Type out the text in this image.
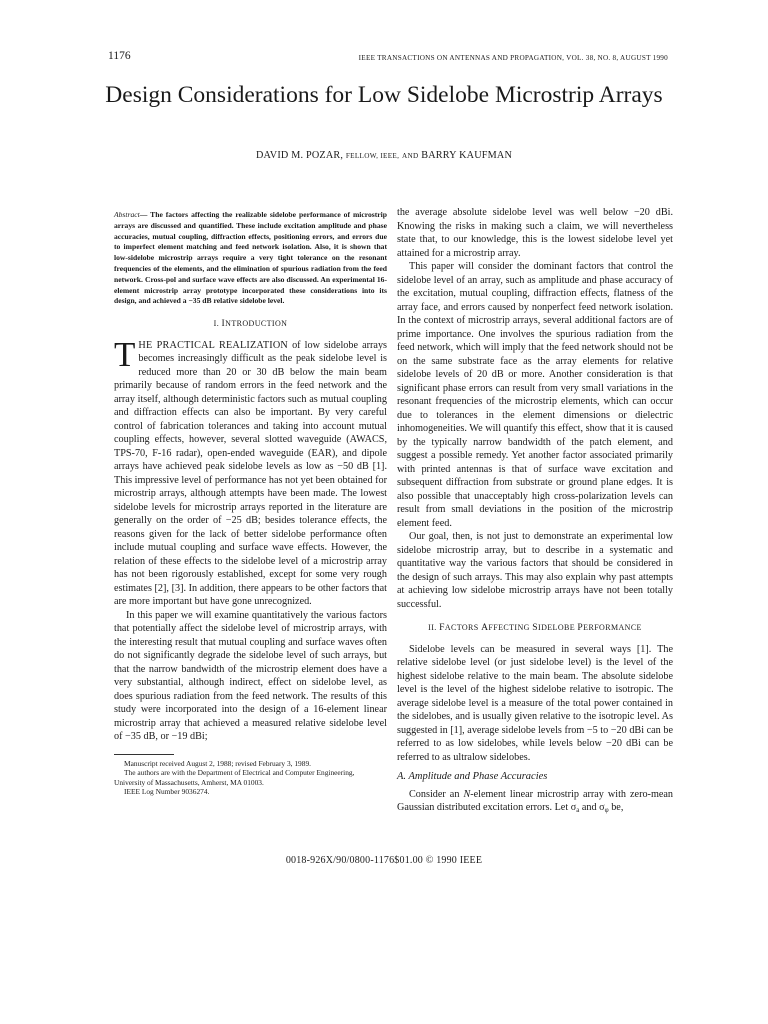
1176	IEEE TRANSACTIONS ON ANTENNAS AND PROPAGATION, VOL. 38, NO. 8, AUGUST 1990
Design Considerations for Low Sidelobe Microstrip Arrays
DAVID M. POZAR, FELLOW, IEEE, AND BARRY KAUFMAN
Abstract— The factors affecting the realizable sidelobe performance of microstrip arrays are discussed and quantified. These include excitation amplitude and phase accuracies, mutual coupling, diffraction effects, positioning errors, and errors due to imperfect element matching and feed network isolation. Also, it is shown that low-sidelobe microstrip arrays require a very tight tolerance on the resonant frequencies of the elements, and the elimination of spurious radiation from the feed network. Cross-pol and surface wave effects are also discussed. An experimental 16-element microstrip array prototype incorporated these considerations into its design, and achieved a −35 dB relative sidelobe level.
I. INTRODUCTION

THE PRACTICAL REALIZATION of low sidelobe arrays becomes increasingly difficult as the peak sidelobe level is reduced more than 20 or 30 dB below the main beam primarily because of random errors in the feed network and the array itself, although deterministic factors such as mutual coupling and diffraction effects can also be important. By very careful control of fabrication tolerances and taking into account mutual coupling effects, however, several slotted waveguide (AWACS, TPS-70, F-16 radar), open-ended waveguide (EAR), and dipole arrays have achieved peak sidelobe levels as low as −50 dB [1]. This impressive level of performance has not yet been obtained for microstrip arrays, although attempts have been made. The lowest sidelobe levels for microstrip arrays reported in the literature are generally on the order of −25 dB; besides tolerance effects, the reasons given for the lack of better sidelobe performance often include mutual coupling and surface wave effects. However, the relation of these effects to the sidelobe level of a microstrip array has not been rigorously established, except for some very rough estimates [2], [3]. In addition, there appears to be other factors that are more important but have gone unrecognized.

In this paper we will examine quantitatively the various factors that potentially affect the sidelobe level of microstrip arrays, with the interesting result that mutual coupling and surface waves often do not significantly degrade the sidelobe level of such arrays, but that the narrow bandwidth of the microstrip element does have a very substantial, although indirect, effect on sidelobe level, as does spurious radiation from the feed network. The results of this study were incorporated into the design of a 16-element linear microstrip array that achieved a measured relative sidelobe level of −35 dB, or −19 dBi;

Manuscript received August 2, 1988; revised February 3, 1989.
The authors are with the Department of Electrical and Computer Engineering, University of Massachusetts, Amherst, MA 01003.
IEEE Log Number 9036274.

the average absolute sidelobe level was well below −20 dBi. Knowing the risks in making such a claim, we will nevertheless state that, to our knowledge, this is the lowest sidelobe level yet attained for a microstrip array.

This paper will consider the dominant factors that control the sidelobe level of an array, such as amplitude and phase accuracy of the excitation, mutual coupling, diffraction effects, flatness of the array face, and errors caused by nonperfect feed network isolation. In the context of microstrip arrays, several additional factors are of prime importance. One involves the spurious radiation from the feed network, which will imply that the feed network should not be on the same substrate face as the array elements for relative sidelobe levels of 20 dB or more. Another consideration is that significant phase errors can result from very small variations in the resonant frequencies of the microstrip elements, which can occur due to tolerances in the element dimensions or dielectric inhomogeneities. We will quantify this effect, show that it is caused by the typically narrow bandwidth of the patch element, and suggest a possible remedy. Yet another factor associated primarily with printed antennas is that of surface wave excitation and subsequent diffraction from substrate or ground plane edges. It is also possible that unacceptably high cross-polarization levels can result from small deviations in the position of the microstrip element feed.

Our goal, then, is not just to demonstrate an experimental low sidelobe microstrip array, but to describe in a systematic and quantitative way the various factors that should be considered in the design of such arrays. This may also explain why past attempts at achieving low sidelobe microstrip arrays have not been totally successful.

II. FACTORS AFFECTING SIDELOBE PERFORMANCE

Sidelobe levels can be measured in several ways [1]. The relative sidelobe level (or just sidelobe level) is the level of the highest sidelobe relative to the main beam. The absolute sidelobe level is the level of the highest sidelobe relative to isotropic. The average sidelobe level is a measure of the total power contained in the sidelobes, and is usually given relative to the isotropic level. As suggested in [1], average sidelobe levels from −5 to −20 dBi can be referred to as low sidelobes, while levels below −20 dBi can be referred to as ultralow sidelobes.

A. Amplitude and Phase Accuracies

Consider an N-element linear microstrip array with zero-mean Gaussian distributed excitation errors. Let $\sigma_a$ and $\sigma_\varphi$ be,

0018-926X/90/0800-1176$01.00 © 1990 IEEE
